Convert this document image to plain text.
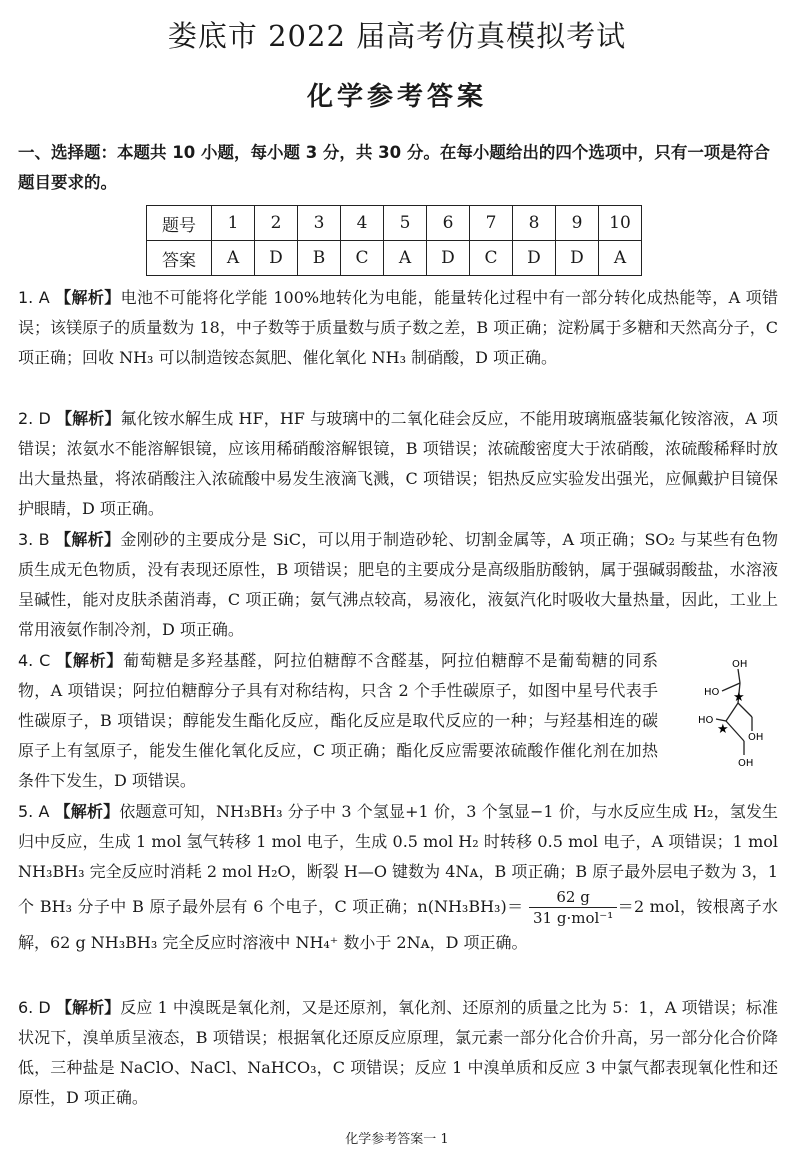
娄底市 2022 届高考仿真模拟考试
化学参考答案
一、选择题：本题共 10 小题，每小题 3 分，共 30 分。在每小题给出的四个选项中，只有一项是符合题目要求的。
题号	1	2	3	4	5	6	7	8	9	10
答案	A	D	B	C	A	D	C	D	D	A
1. A 【解析】电池不可能将化学能 100%地转化为电能，能量转化过程中有一部分转化成热能等，A 项错误；该镁原子的质量数为 18，中子数等于质量数与质子数之差，B 项正确；淀粉属于多糖和天然高分子，C 项正确；回收 NH₃ 可以制造铵态氮肥、催化氧化 NH₃ 制硝酸，D 项正确。
2. D 【解析】氟化铵水解生成 HF，HF 与玻璃中的二氧化硅会反应，不能用玻璃瓶盛装氟化铵溶液，A 项错误；浓氨水不能溶解银镜，应该用稀硝酸溶解银镜，B 项错误；浓硫酸密度大于浓硝酸，浓硫酸稀释时放出大量热量，将浓硝酸注入浓硫酸中易发生液滴飞溅，C 项错误；铝热反应实验发出强光，应佩戴护目镜保护眼睛，D 项正确。
3. B 【解析】金刚砂的主要成分是 SiC，可以用于制造砂轮、切割金属等，A 项正确；SO₂ 与某些有色物质生成无色物质，没有表现还原性，B 项错误；肥皂的主要成分是高级脂肪酸钠，属于强碱弱酸盐，水溶液呈碱性，能对皮肤杀菌消毒，C 项正确；氨气沸点较高，易液化，液氨汽化时吸收大量热量，因此，工业上常用液氨作制冷剂，D 项正确。
4. C 【解析】葡萄糖是多羟基醛，阿拉伯糖醇不含醛基，阿拉伯糖醇不是葡萄糖的同系物，A 项错误；阿拉伯糖醇分子具有对称结构，只含 2 个手性碳原子，如图中星号代表手性碳原子，B 项错误；醇能发生酯化反应，酯化反应是取代反应的一种；与羟基相连的碳原子上有氢原子，能发生催化氧化反应，C 项正确；酯化反应需要浓硫酸作催化剂在加热条件下发生，D 项错误。
OH
HO
OH
HO
OH
★
★
5. A 【解析】依题意可知，NH₃BH₃ 分子中 3 个氢显+1 价，3 个氢显−1 价，与水反应生成 H₂，氢发生归中反应，生成 1 mol 氢气转移 1 mol 电子，生成 0.5 mol H₂ 时转移 0.5 mol 电子，A 项错误；1 mol NH₃BH₃ 完全反应时消耗 2 mol H₂O，断裂 H—O 键数为 4Nᴀ，B 项正确；B 原子最外层电子数为 3，1 个 BH₃ 分子中 B 原子最外层有 6 个电子，C 项正确；$n(NH_3BH_3)= \frac{62 g}{\text{31 g·mol⁻¹}} =2$ mol，铵根离子水解，62 g NH₃BH₃ 完全反应时溶液中 NH₄⁺ 数小于 2Nᴀ，D 项正确。
6. D 【解析】反应 1 中溴既是氧化剂，又是还原剂，氧化剂、还原剂的质量之比为 5：1，A 项错误；标准状况下，溴单质呈液态，B 项错误；根据氧化还原反应原理，氯元素一部分化合价升高，另一部分化合价降低，三种盐是 NaClO、NaCl、NaHCO₃，C 项错误；反应 1 中溴单质和反应 3 中氯气都表现氧化性和还原性，D 项正确。
化学参考答案一 1
